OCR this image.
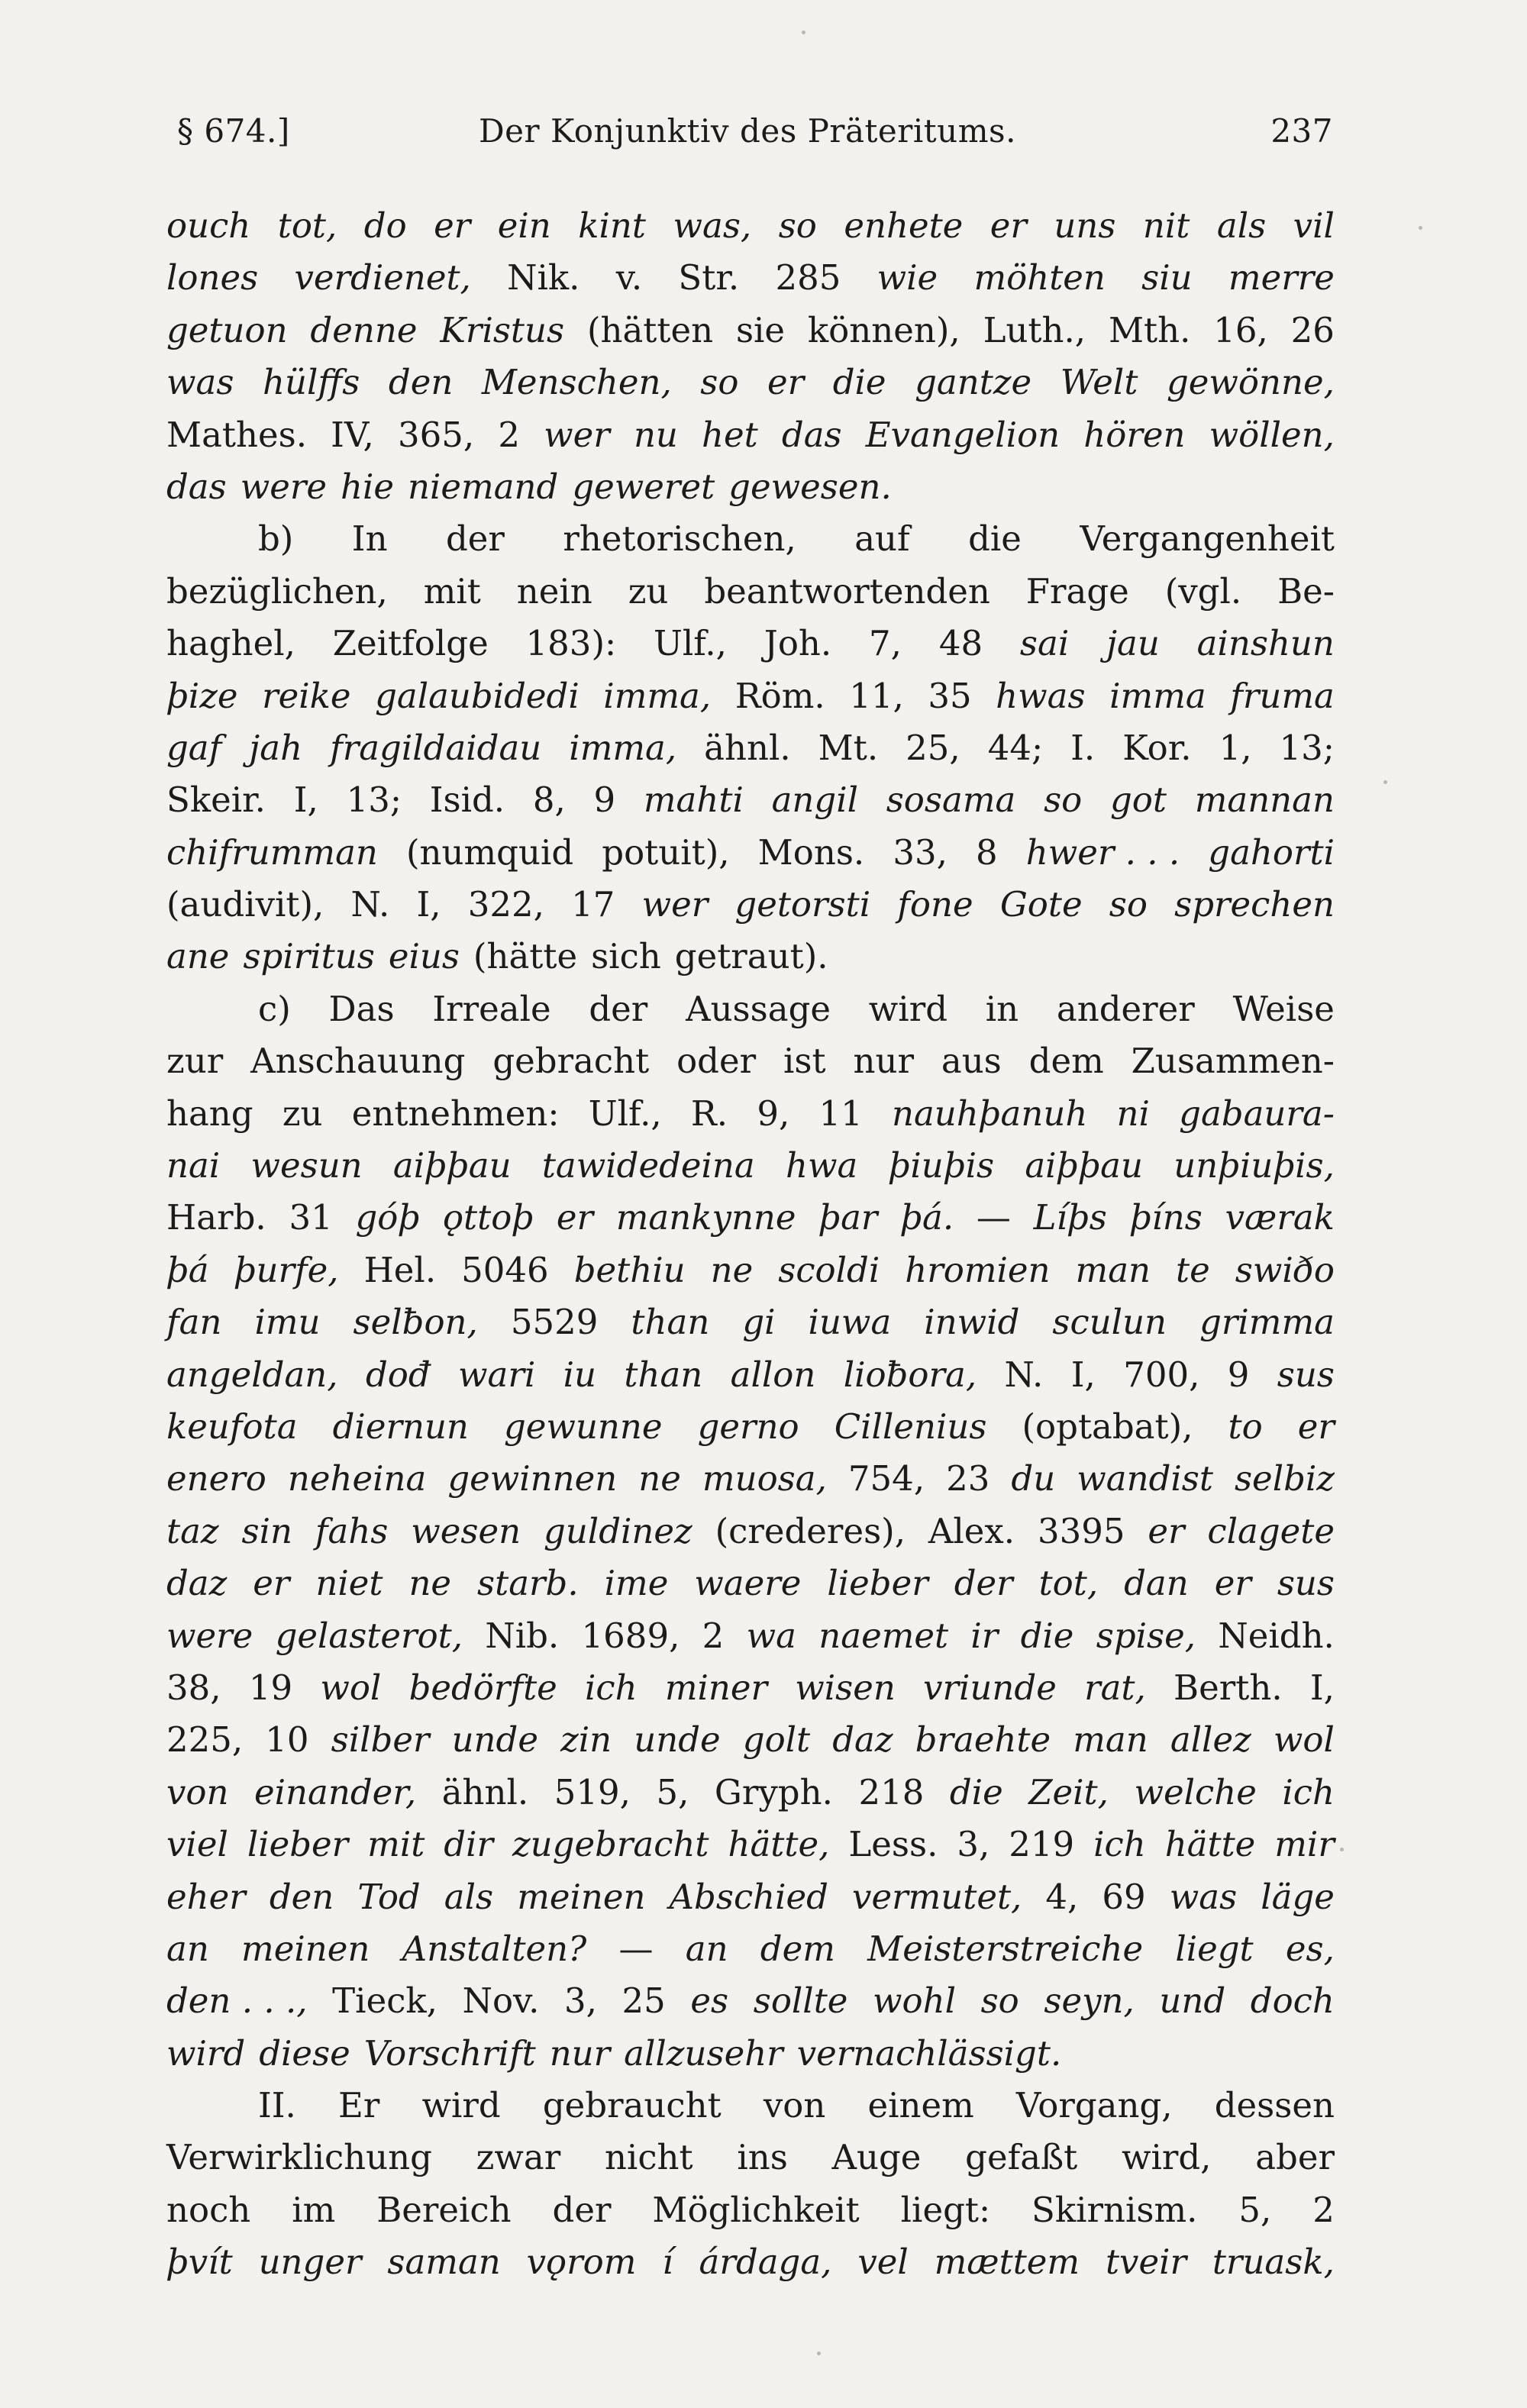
§ 674.]	Der Konjunktiv des Präteritums.	237
ouch tot, do er ein kint was, so enhete er uns nit als vil
lones verdienet, Nik. v. Str. 285 wie möhten siu merre
getuon denne Kristus (hätten sie können), Luth., Mth. 16, 26
was hülffs den Menschen, so er die gantze Welt gewönne,
Mathes. IV, 365, 2 wer nu het das Evangelion hören wöllen,
das were hie niemand geweret gewesen.
b) In der rhetorischen, auf die Vergangenheit
bezüglichen, mit nein zu beantwortenden Frage (vgl. Be-
haghel, Zeitfolge 183): Ulf., Joh. 7, 48 sai jau ainshun
þize reike galaubidedi imma, Röm. 11, 35 hwas imma fruma
gaf jah fragildaidau imma, ähnl. Mt. 25, 44; I. Kor. 1, 13;
Skeir. I, 13; Isid. 8, 9 mahti angil sosama so got mannan
chifrumman (numquid potuit), Mons. 33, 8 hwer . . . gahorti
(audivit), N. I, 322, 17 wer getorsti fone Gote so sprechen
ane spiritus eius (hätte sich getraut).
c) Das Irreale der Aussage wird in anderer Weise
zur Anschauung gebracht oder ist nur aus dem Zusammen-
hang zu entnehmen: Ulf., R. 9, 11 nauhþanuh ni gabaura-
nai wesun aiþþau tawidedeina hwa þiuþis aiþþau unþiuþis,
Harb. 31 góþ ǫttoþ er mankynne þar þá. — Líþs þíns værak
þá þurfe, Hel. 5046 bethiu ne scoldi hromien man te swiðo
fan imu selƀon, 5529 than gi iuwa inwid sculun grimma
angeldan, dođ wari iu than allon lioƀora, N. I, 700, 9 sus
keufota diernun gewunne gerno Cillenius (optabat), to er
enero neheina gewinnen ne muosa, 754, 23 du wandist selbiz
taz sin fahs wesen guldinez (crederes), Alex. 3395 er clagete
daz er niet ne starb. ime waere lieber der tot, dan er sus
were gelasterot, Nib. 1689, 2 wa naemet ir die spise, Neidh.
38, 19 wol bedörfte ich miner wisen vriunde rat, Berth. I,
225, 10 silber unde zin unde golt daz braehte man allez wol
von einander, ähnl. 519, 5, Gryph. 218 die Zeit, welche ich
viel lieber mit dir zugebracht hätte, Less. 3, 219 ich hätte mir
eher den Tod als meinen Abschied vermutet, 4, 69 was läge
an meinen Anstalten? — an dem Meisterstreiche liegt es,
den . . ., Tieck, Nov. 3, 25 es sollte wohl so seyn, und doch
wird diese Vorschrift nur allzusehr vernachlässigt.
II. Er wird gebraucht von einem Vorgang, dessen
Verwirklichung zwar nicht ins Auge gefaßt wird, aber
noch im Bereich der Möglichkeit liegt: Skirnism. 5, 2
þvít unger saman vǫrom í árdaga, vel mættem tveir truask,
